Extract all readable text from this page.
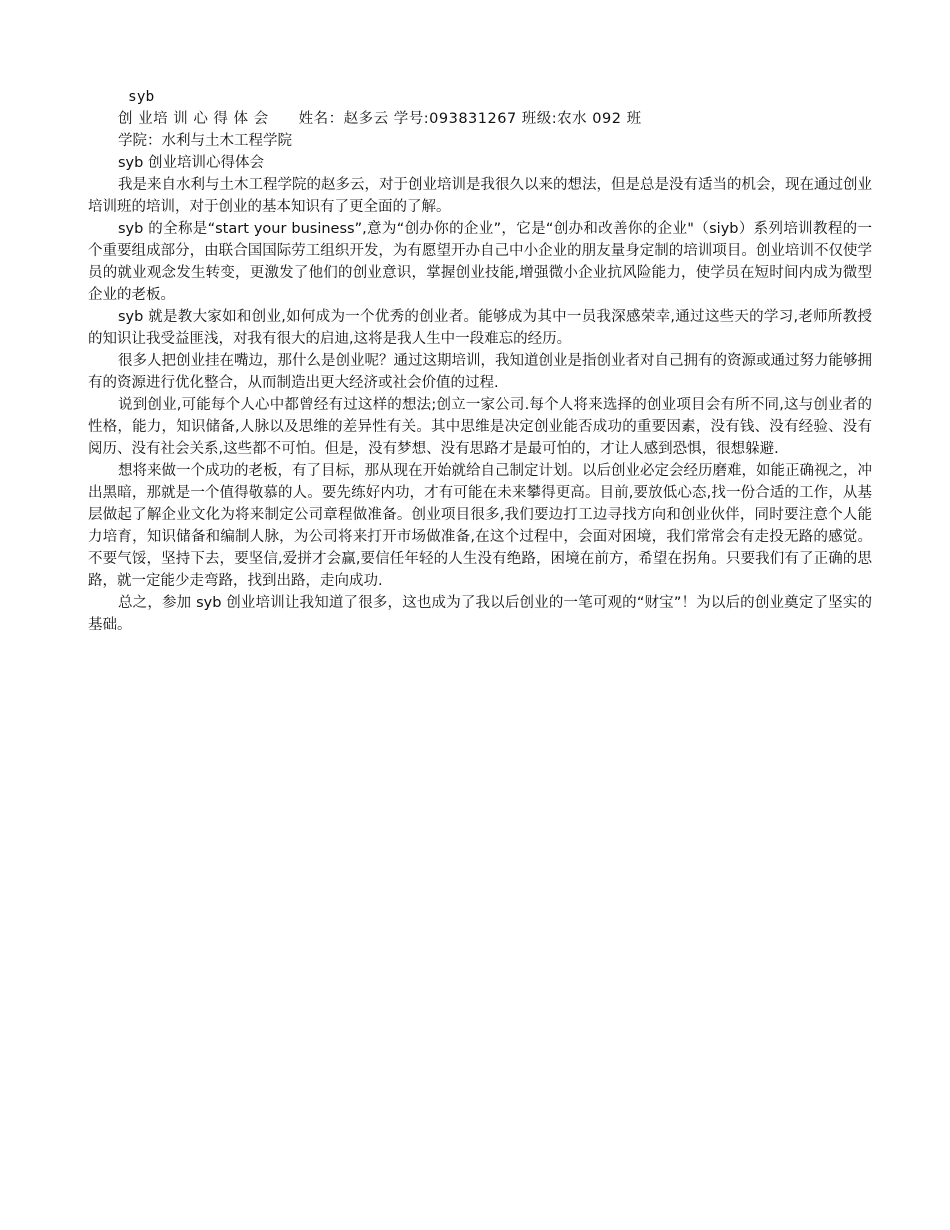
syb
创 业培 训 心 得 体 会　　姓名：赵多云 学号:093831267 班级:农水 092 班
学院：水利与土木工程学院
syb 创业培训心得体会

我是来自水利与土木工程学院的赵多云，对于创业培训是我很久以来的想法，但是总是没有适当的机会，现在通过创业培训班的培训，对于创业的基本知识有了更全面的了解。

syb 的全称是“start your business”,意为“创办你的企业”，它是“创办和改善你的企业"（siyb）系列培训教程的一个重要组成部分，由联合国国际劳工组织开发，为有愿望开办自己中小企业的朋友量身定制的培训项目。创业培训不仅使学员的就业观念发生转变，更激发了他们的创业意识，掌握创业技能,增强微小企业抗风险能力，使学员在短时间内成为微型企业的老板。

syb 就是教大家如和创业,如何成为一个优秀的创业者。能够成为其中一员我深感荣幸,通过这些天的学习,老师所教授的知识让我受益匪浅，对我有很大的启迪,这将是我人生中一段难忘的经历。

很多人把创业挂在嘴边，那什么是创业呢？通过这期培训，我知道创业是指创业者对自己拥有的资源或通过努力能够拥有的资源进行优化整合，从而制造出更大经济或社会价值的过程.

说到创业,可能每个人心中都曾经有过这样的想法;创立一家公司.每个人将来选择的创业项目会有所不同,这与创业者的性格，能力，知识储备,人脉以及思维的差异性有关。其中思维是决定创业能否成功的重要因素，没有钱、没有经验、没有阅历、没有社会关系,这些都不可怕。但是，没有梦想、没有思路才是最可怕的，才让人感到恐惧，很想躲避.

想将来做一个成功的老板，有了目标，那从现在开始就给自己制定计划。以后创业必定会经历磨难，如能正确视之，冲出黑暗，那就是一个值得敬慕的人。要先练好内功，才有可能在未来攀得更高。目前,要放低心态,找一份合适的工作，从基层做起了解企业文化为将来制定公司章程做准备。创业项目很多,我们要边打工边寻找方向和创业伙伴，同时要注意个人能力培育，知识储备和编制人脉，为公司将来打开市场做准备,在这个过程中，会面对困境，我们常常会有走投无路的感觉。不要气馁，坚持下去，要坚信,爱拼才会赢,要信任年轻的人生没有绝路，困境在前方，希望在拐角。只要我们有了正确的思路，就一定能少走弯路，找到出路，走向成功.

总之，参加 syb 创业培训让我知道了很多，这也成为了我以后创业的一笔可观的“财宝”！为以后的创业奠定了坚实的基础。
